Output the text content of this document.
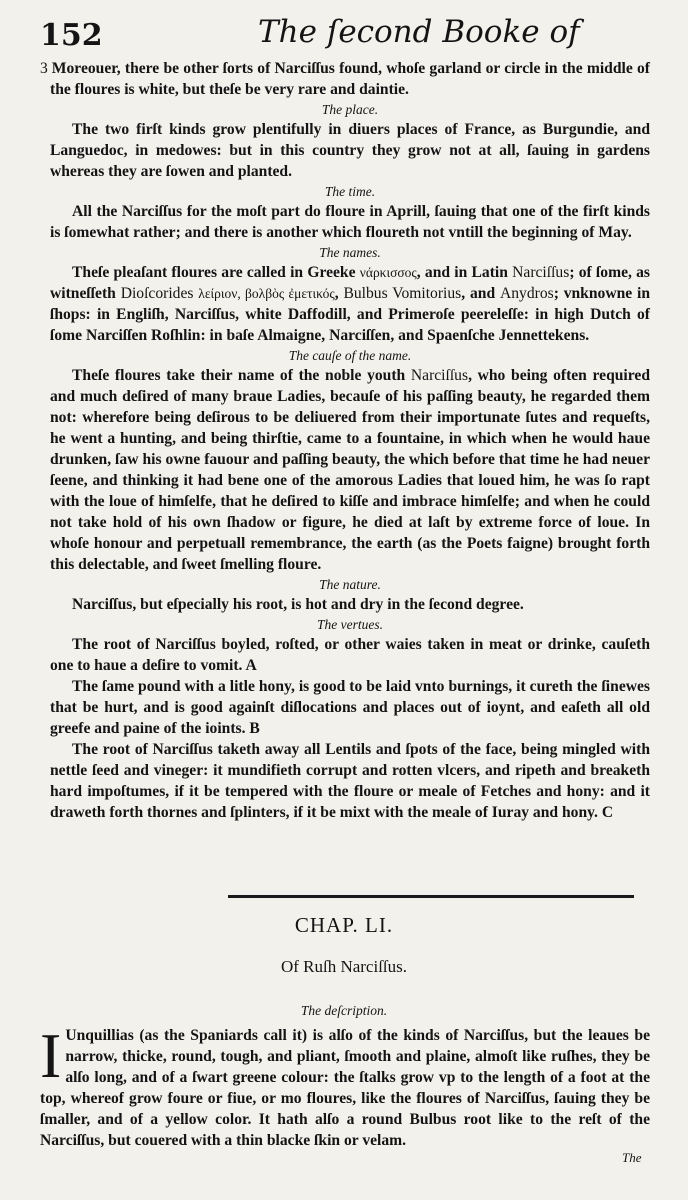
152	The ſecond Booke of

3 Moreouer, there be other ſorts of Narciſſus found, whoſe garland or circle in the middle of the floures is white, but theſe be very rare and daintie.

The place.

The two firſt kinds grow plentifully in diuers places of France, as Burgundie, and Languedoc, in medowes: but in this country they grow not at all, ſauing in gardens whereas they are ſowen and planted.

The time.

All the Narciſſus for the moſt part do floure in Aprill, ſauing that one of the firſt kinds is ſomewhat rather; and there is another which floureth not vntill the beginning of May.

The names.

Theſe pleaſant floures are called in Greeke νάρκισσος, and in Latin Narciſſus; of ſome, as witneſſeth Dioſcorides λείριον, βολβὸς ἐμετικός, Bulbus Vomitorius, and Anydros; vnknowne in ſhops: in Engliſh, Narciſſus, white Daffodill, and Primeroſe peereleſſe: in high Dutch of ſome Narciſſen Roſhlin: in baſe Almaigne, Narciſſen, and Spaenſche Jennettekens.

The cauſe of the name.

Theſe floures take their name of the noble youth Narciſſus, who being often required and much deſired of many braue Ladies, becauſe of his paſſing beauty, he regarded them not: wherefore being deſirous to be deliuered from their importunate ſutes and requeſts, he went a hunting, and being thirſtie, came to a fountaine, in which when he would haue drunken, ſaw his owne fauour and paſſing beauty, the which before that time he had neuer ſeene, and thinking it had bene one of the amorous Ladies that loued him, he was ſo rapt with the loue of himſelfe, that he deſired to kiſſe and imbrace himſelfe; and when he could not take hold of his own ſhadow or figure, he died at laſt by extreme force of loue. In whoſe honour and perpetuall remembrance, the earth (as the Poets faigne) brought forth this delectable, and ſweet ſmelling floure.

The nature.

Narciſſus, but eſpecially his root, is hot and dry in the ſecond degree.

The vertues.

The root of Narciſſus boyled, roſted, or other waies taken in meat or drinke, cauſeth one to haue a deſire to vomit. A

The ſame pound with a litle hony, is good to be laid vnto burnings, it cureth the ſinewes that be hurt, and is good againſt diſlocations and places out of ioynt, and eaſeth all old greefe and paine of the ioints. B

The root of Narciſſus taketh away all Lentils and ſpots of the face, being mingled with nettle ſeed and vineger: it mundifieth corrupt and rotten vlcers, and ripeth and breaketh hard impoſtumes, if it be tempered with the floure or meale of Fetches and hony: and it draweth forth thornes and ſplinters, if it be mixt with the meale of Iuray and hony. C

CHAP. LI.

Of Ruſh Narciſſus.

The deſcription.

I Unquillias (as the Spaniards call it) is alſo of the kinds of Narciſſus, but the leaues be narrow, thicke, round, tough, and pliant, ſmooth and plaine, almoſt like ruſhes, they be alſo long, and of a ſwart greene colour: the ſtalks grow vp to the length of a foot at the top, whereof grow foure or fiue, or mo floures, like the floures of Narciſſus, ſauing they be ſmaller, and of a yellow color. It hath alſo a round Bulbus root like to the reſt of the Narciſſus, but couered with a thin blacke ſkin or velam.
The
